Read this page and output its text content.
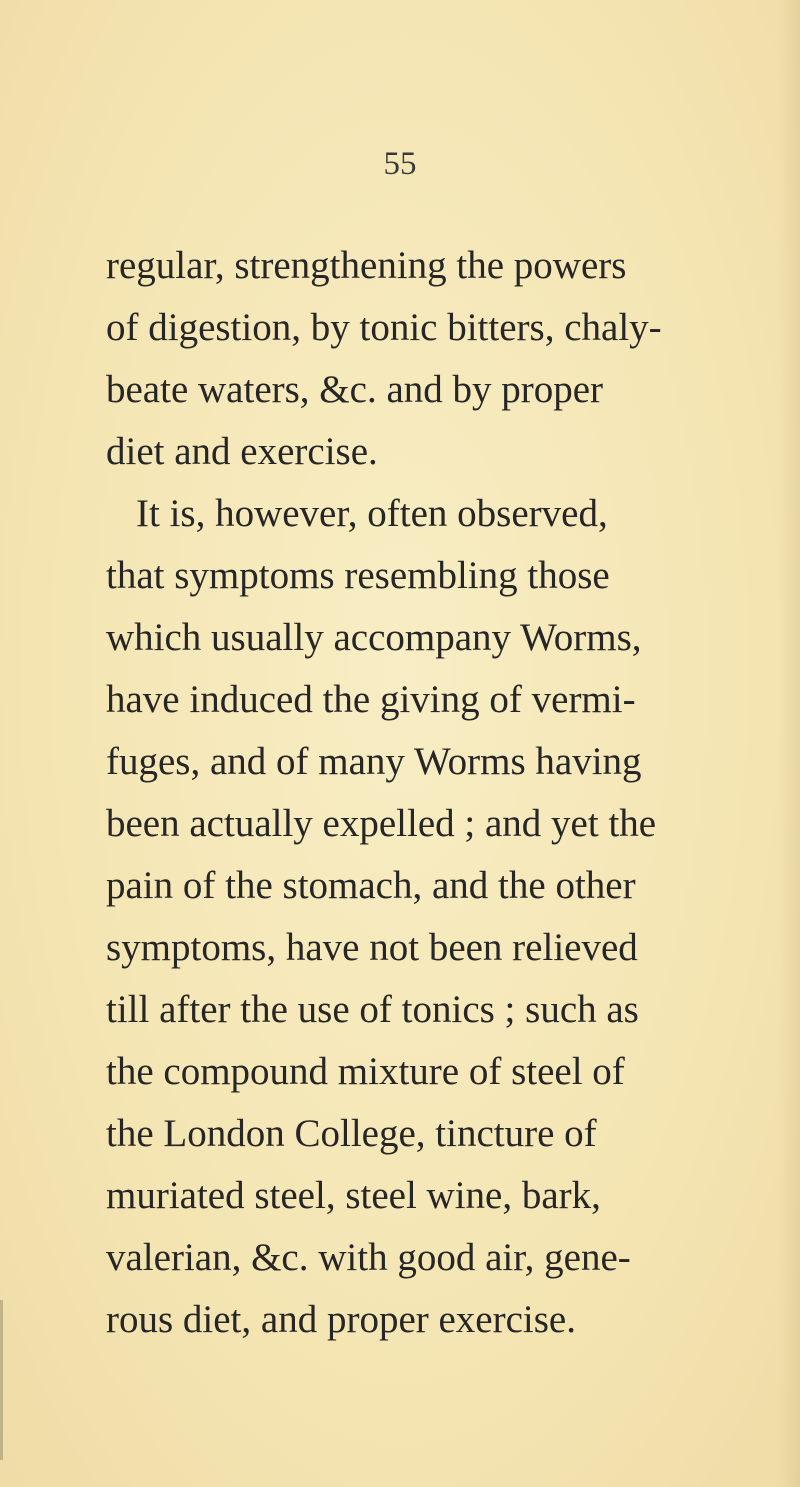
55
regular, strengthening the powers
of digestion, by tonic bitters, chaly-
beate waters, &c. and by proper
diet and exercise.
It is, however, often observed,
that symptoms resembling those
which usually accompany Worms,
have induced the giving of vermi-
fuges, and of many Worms having
been actually expelled ; and yet the
pain of the stomach, and the other
symptoms, have not been relieved
till after the use of tonics ; such as
the compound mixture of steel of
the London College, tincture of
muriated steel, steel wine, bark,
valerian, &c. with good air, gene-
rous diet, and proper exercise.
